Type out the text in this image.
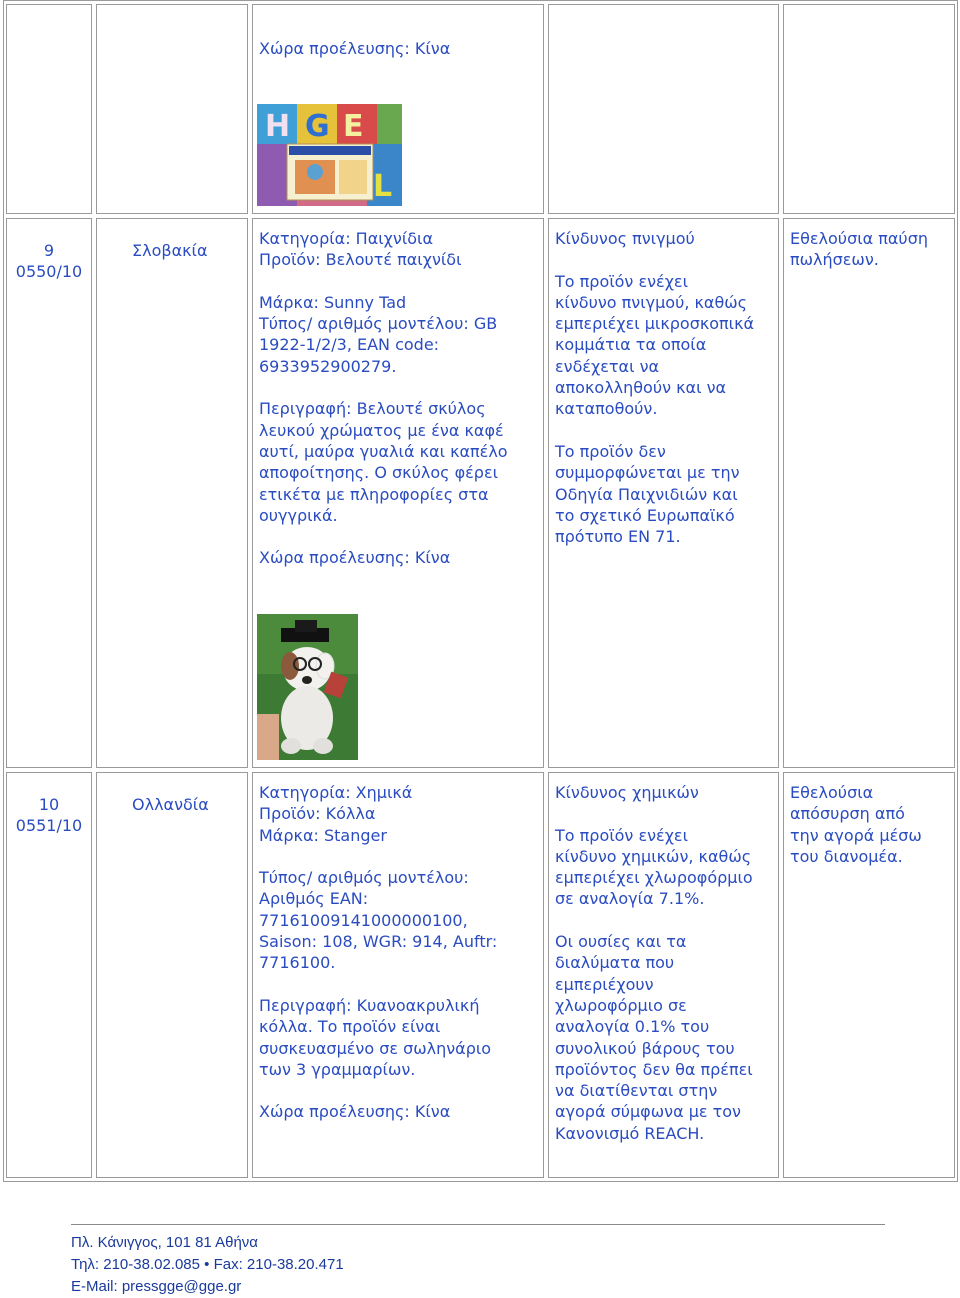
Χώρα προέλευσης: Κίνα
H G E
L
9
0550/10
Σλοβακία
Κατηγορία: Παιχνίδια
Προϊόν: Βελουτέ παιχνίδι
Μάρκα: Sunny Tad
Τύπος/ αριθμός μοντέλου: GB
1922-1/2/3, EAN code:
6933952900279.
Περιγραφή: Βελουτέ σκύλος
λευκού χρώματος με ένα καφέ
αυτί, μαύρα γυαλιά και καπέλο
αποφοίτησης. Ο σκύλος φέρει
ετικέτα με πληροφορίες στα
ουγγρικά.
Χώρα προέλευσης: Κίνα
Κίνδυνος πνιγμού
Το προϊόν ενέχει
κίνδυνο πνιγμού, καθώς
εμπεριέχει μικροσκοπικά
κομμάτια τα οποία
ενδέχεται να
αποκολληθούν και να
καταποθούν.
Το προϊόν δεν
συμμορφώνεται με την
Οδηγία Παιχνιδιών και
το σχετικό Ευρωπαϊκό
πρότυπο EN 71.
Εθελούσια παύση
πωλήσεων.
10
0551/10
Ολλανδία
Κατηγορία: Χημικά
Προϊόν: Κόλλα
Μάρκα: Stanger
Τύπος/ αριθμός μοντέλου:
Αριθμός EAN:
77161009141000000100,
Saison: 108, WGR: 914, Auftr:
7716100.
Περιγραφή: Κυανοακρυλική
κόλλα. Το προϊόν είναι
συσκευασμένο σε σωληνάριο
των 3 γραμμαρίων.
Χώρα προέλευσης: Κίνα
Κίνδυνος χημικών
Το προϊόν ενέχει
κίνδυνο χημικών, καθώς
εμπεριέχει χλωροφόρμιο
σε αναλογία 7.1%.
Οι ουσίες και τα
διαλύματα που
εμπεριέχουν
χλωροφόρμιο σε
αναλογία 0.1% του
συνολικού βάρους του
προϊόντος δεν θα πρέπει
να διατίθενται στην
αγορά σύμφωνα με τον
Κανονισμό REACH.
Εθελούσια
απόσυρση από
την αγορά μέσω
του διανομέα.
Πλ. Κάνιγγος, 101 81 Αθήνα
Τηλ: 210-38.02.085 • Fax: 210-38.20.471
E-Mail: pressgge@gge.gr
